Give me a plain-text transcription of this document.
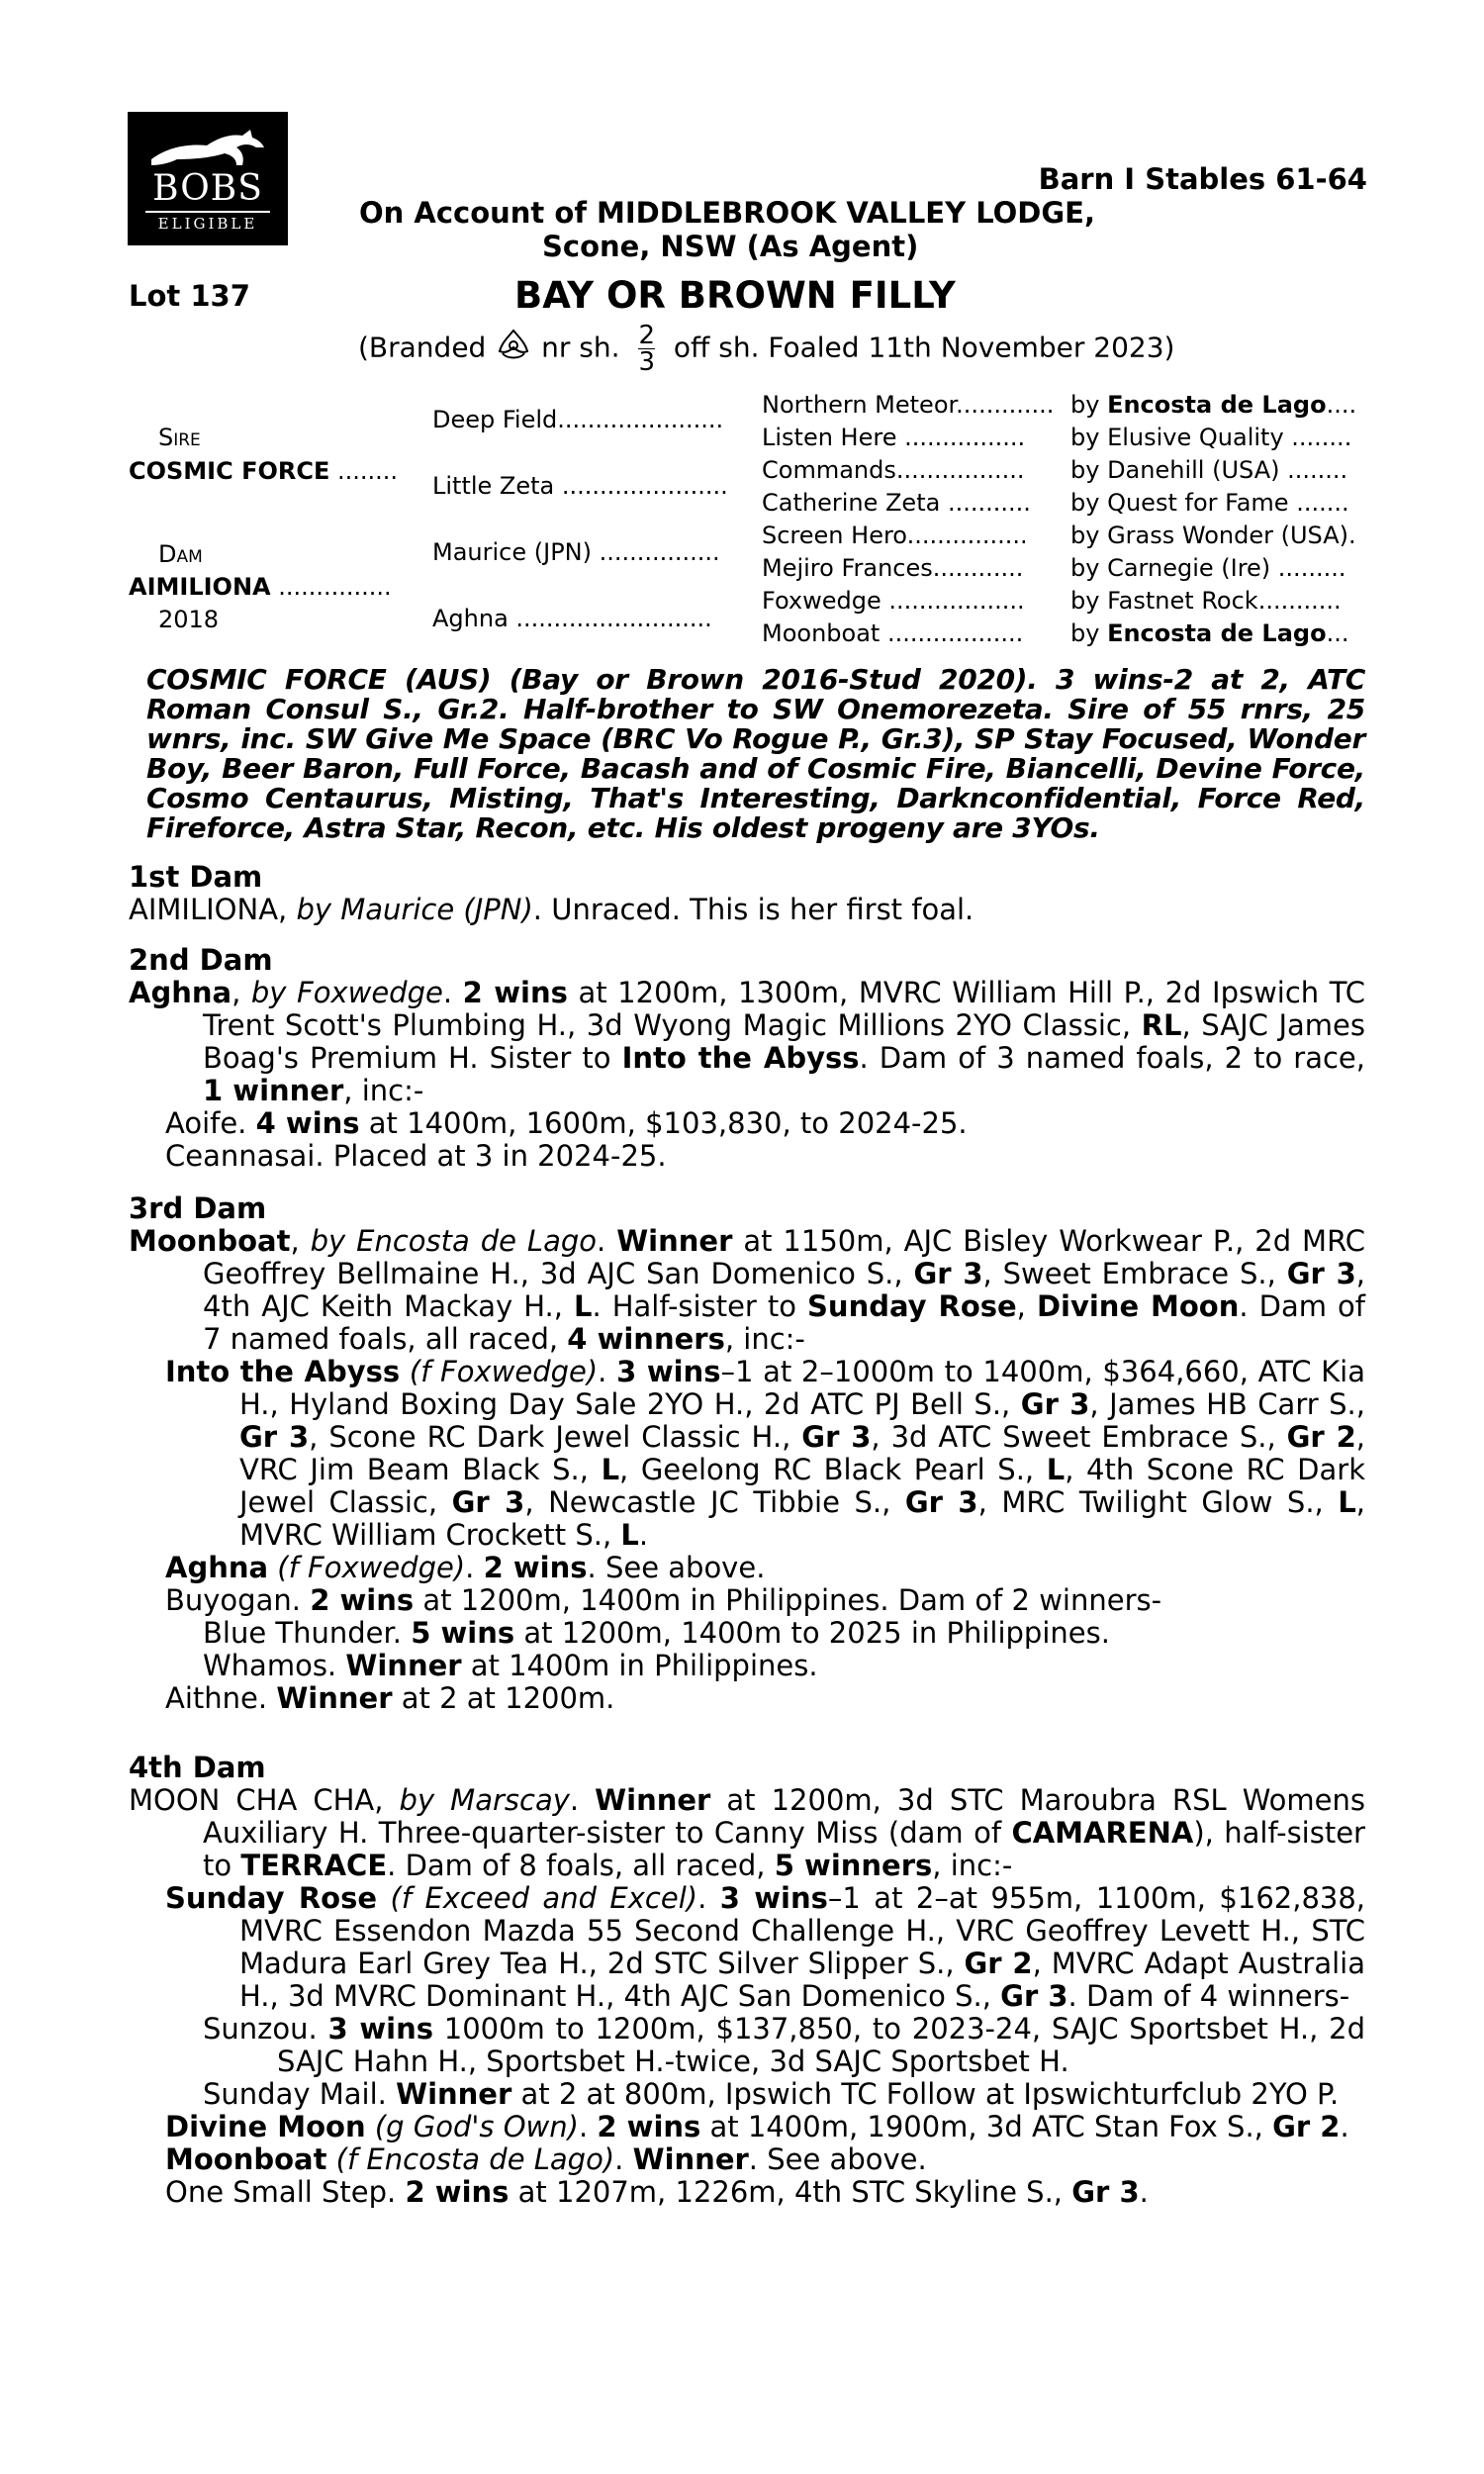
BOBS
ELIGIBLE
Barn I Stables 61-64
On Account of MIDDLEBROOK VALLEY LODGE,
Scone, NSW (As Agent)
Lot 137	BAY OR BROWN FILLY
(Branded nr sh. $\frac{2}{3}$ off sh. Foaled 11th November 2023)
Sire
COSMIC FORCE ........
Dam
AIMILIONA ...............
2018
Deep Field......................
Little Zeta ......................
Maurice (JPN) ................
Aghna ..........................
Northern Meteor.............
Listen Here ................
Commands.................
Catherine Zeta ...........
Screen Hero................
Mejiro Frances............
Foxwedge ..................
Moonboat ..................
by Encosta de Lago....
by Elusive Quality ........
by Danehill (USA) ........
by Quest for Fame .......
by Grass Wonder (USA).
by Carnegie (Ire) .........
by Fastnet Rock...........
by Encosta de Lago...
COSMIC FORCE (AUS) (Bay or Brown 2016-Stud 2020). 3 wins-2 at 2, ATC Roman Consul S., Gr.2. Half-brother to SW Onemorezeta. Sire of 55 rnrs, 25 wnrs, inc. SW Give Me Space (BRC Vo Rogue P., Gr.3), SP Stay Focused, Wonder Boy, Beer Baron, Full Force, Bacash and of Cosmic Fire, Biancelli, Devine Force, Cosmo Centaurus, Misting, That's Interesting, Darknconfidential, Force Red, Fireforce, Astra Star, Recon, etc. His oldest progeny are 3YOs.
1st Dam

AIMILIONA, by Maurice (JPN). Unraced. This is her first foal.

2nd Dam

Aghna, by Foxwedge. 2 wins at 1200m, 1300m, MVRC William Hill P., 2d Ipswich TC Trent Scott's Plumbing H., 3d Wyong Magic Millions 2YO Classic, RL, SAJC James Boag's Premium H. Sister to Into the Abyss. Dam of 3 named foals, 2 to race, 1 winner, inc:-

Aoife. 4 wins at 1400m, 1600m, $103,830, to 2024-25.

Ceannasai. Placed at 3 in 2024-25.

3rd Dam

Moonboat, by Encosta de Lago. Winner at 1150m, AJC Bisley Workwear P., 2d MRC Geoffrey Bellmaine H., 3d AJC San Domenico S., Gr 3, Sweet Embrace S., Gr 3, 4th AJC Keith Mackay H., L. Half-sister to Sunday Rose, Divine Moon. Dam of 7 named foals, all raced, 4 winners, inc:-

Into the Abyss (f Foxwedge). 3 wins–1 at 2–1000m to 1400m, $364,660, ATC Kia H., Hyland Boxing Day Sale 2YO H., 2d ATC PJ Bell S., Gr 3, James HB Carr S., Gr 3, Scone RC Dark Jewel Classic H., Gr 3, 3d ATC Sweet Embrace S., Gr 2, VRC Jim Beam Black S., L, Geelong RC Black Pearl S., L, 4th Scone RC Dark Jewel Classic, Gr 3, Newcastle JC Tibbie S., Gr 3, MRC Twilight Glow S., L, MVRC William Crockett S., L.

Aghna (f Foxwedge). 2 wins. See above.

Buyogan. 2 wins at 1200m, 1400m in Philippines. Dam of 2 winners-

Blue Thunder. 5 wins at 1200m, 1400m to 2025 in Philippines.

Whamos. Winner at 1400m in Philippines.

Aithne. Winner at 2 at 1200m.

4th Dam

MOON CHA CHA, by Marscay. Winner at 1200m, 3d STC Maroubra RSL Womens Auxiliary H. Three-quarter-sister to Canny Miss (dam of CAMARENA), half-sister to TERRACE. Dam of 8 foals, all raced, 5 winners, inc:-

Sunday Rose (f Exceed and Excel). 3 wins–1 at 2–at 955m, 1100m, $162,838, MVRC Essendon Mazda 55 Second Challenge H., VRC Geoffrey Levett H., STC Madura Earl Grey Tea H., 2d STC Silver Slipper S., Gr 2, MVRC Adapt Australia H., 3d MVRC Dominant H., 4th AJC San Domenico S., Gr 3. Dam of 4 winners-

Sunzou. 3 wins 1000m to 1200m, $137,850, to 2023-24, SAJC Sportsbet H., 2d SAJC Hahn H., Sportsbet H.-twice, 3d SAJC Sportsbet H.

Sunday Mail. Winner at 2 at 800m, Ipswich TC Follow at Ipswichturfclub 2YO P.

Divine Moon (g God's Own). 2 wins at 1400m, 1900m, 3d ATC Stan Fox S., Gr 2.

Moonboat (f Encosta de Lago). Winner. See above.

One Small Step. 2 wins at 1207m, 1226m, 4th STC Skyline S., Gr 3.
